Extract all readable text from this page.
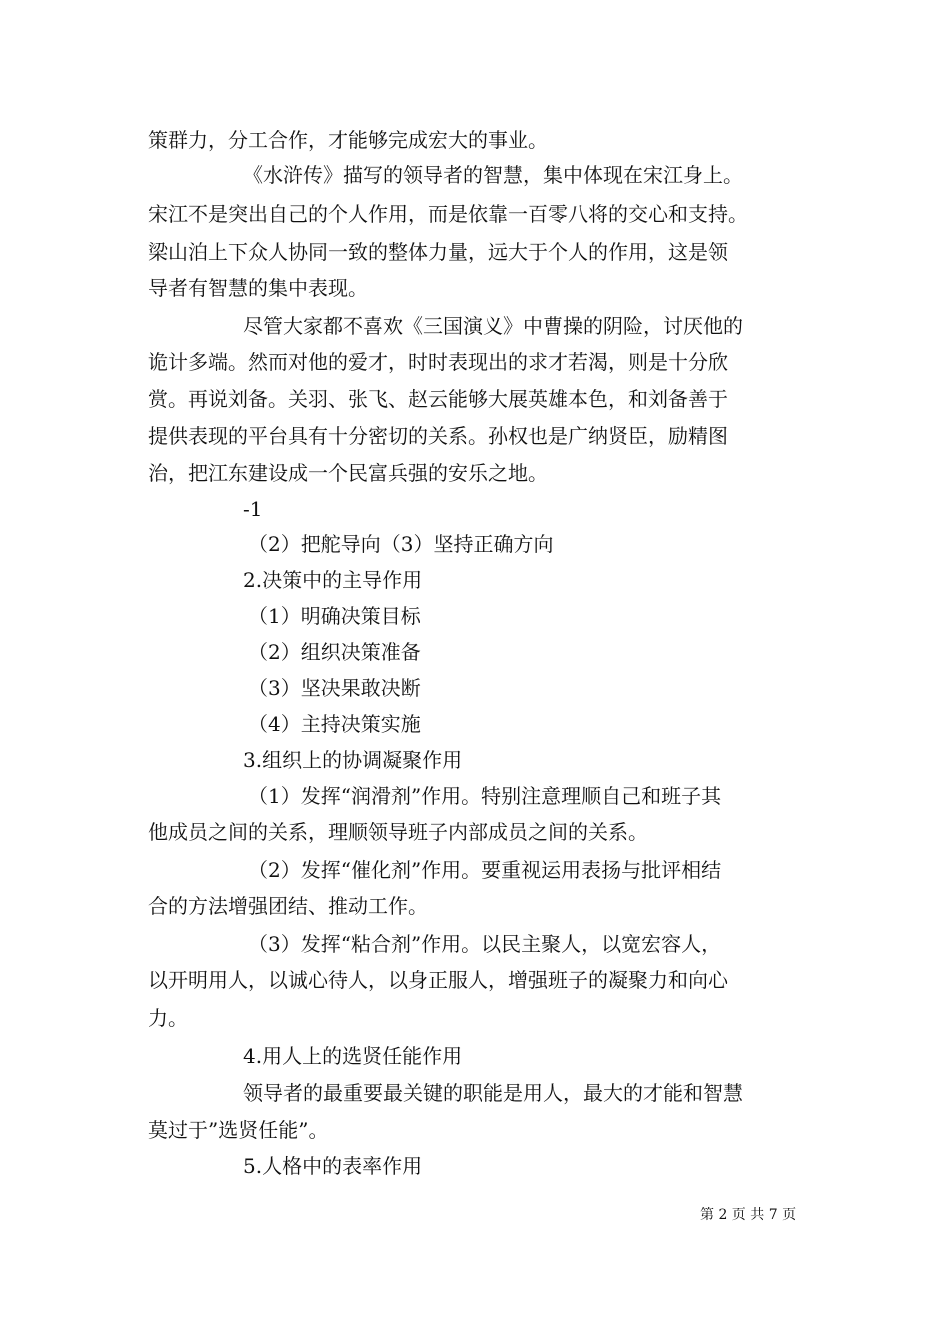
策群力，分工合作，才能够完成宏大的事业。
《水浒传》描写的领导者的智慧，集中体现在宋江身上。
宋江不是突出自己的个人作用，而是依靠一百零八将的交心和支持。
梁山泊上下众人协同一致的整体力量，远大于个人的作用，这是领
导者有智慧的集中表现。
尽管大家都不喜欢《三国演义》中曹操的阴险，讨厌他的
诡计多端。然而对他的爱才，时时表现出的求才若渴，则是十分欣
赏。再说刘备。关羽、张飞、赵云能够大展英雄本色，和刘备善于
提供表现的平台具有十分密切的关系。孙权也是广纳贤臣，励精图
治，把江东建设成一个民富兵强的安乐之地。
-1
（2）把舵导向（3）坚持正确方向
2.决策中的主导作用
（1）明确决策目标
（2）组织决策准备
（3）坚决果敢决断
（4）主持决策实施
3.组织上的协调凝聚作用
（1）发挥“润滑剂”作用。特别注意理顺自己和班子其
他成员之间的关系，理顺领导班子内部成员之间的关系。
（2）发挥“催化剂”作用。要重视运用表扬与批评相结
合的方法增强团结、推动工作。
（3）发挥“粘合剂”作用。以民主聚人，以宽宏容人，
以开明用人，以诚心待人，以身正服人，增强班子的凝聚力和向心
力。
4.用人上的选贤任能作用
领导者的最重要最关键的职能是用人，最大的才能和智慧
莫过于”选贤任能”。
5.人格中的表率作用
第 2 页 共 7 页
